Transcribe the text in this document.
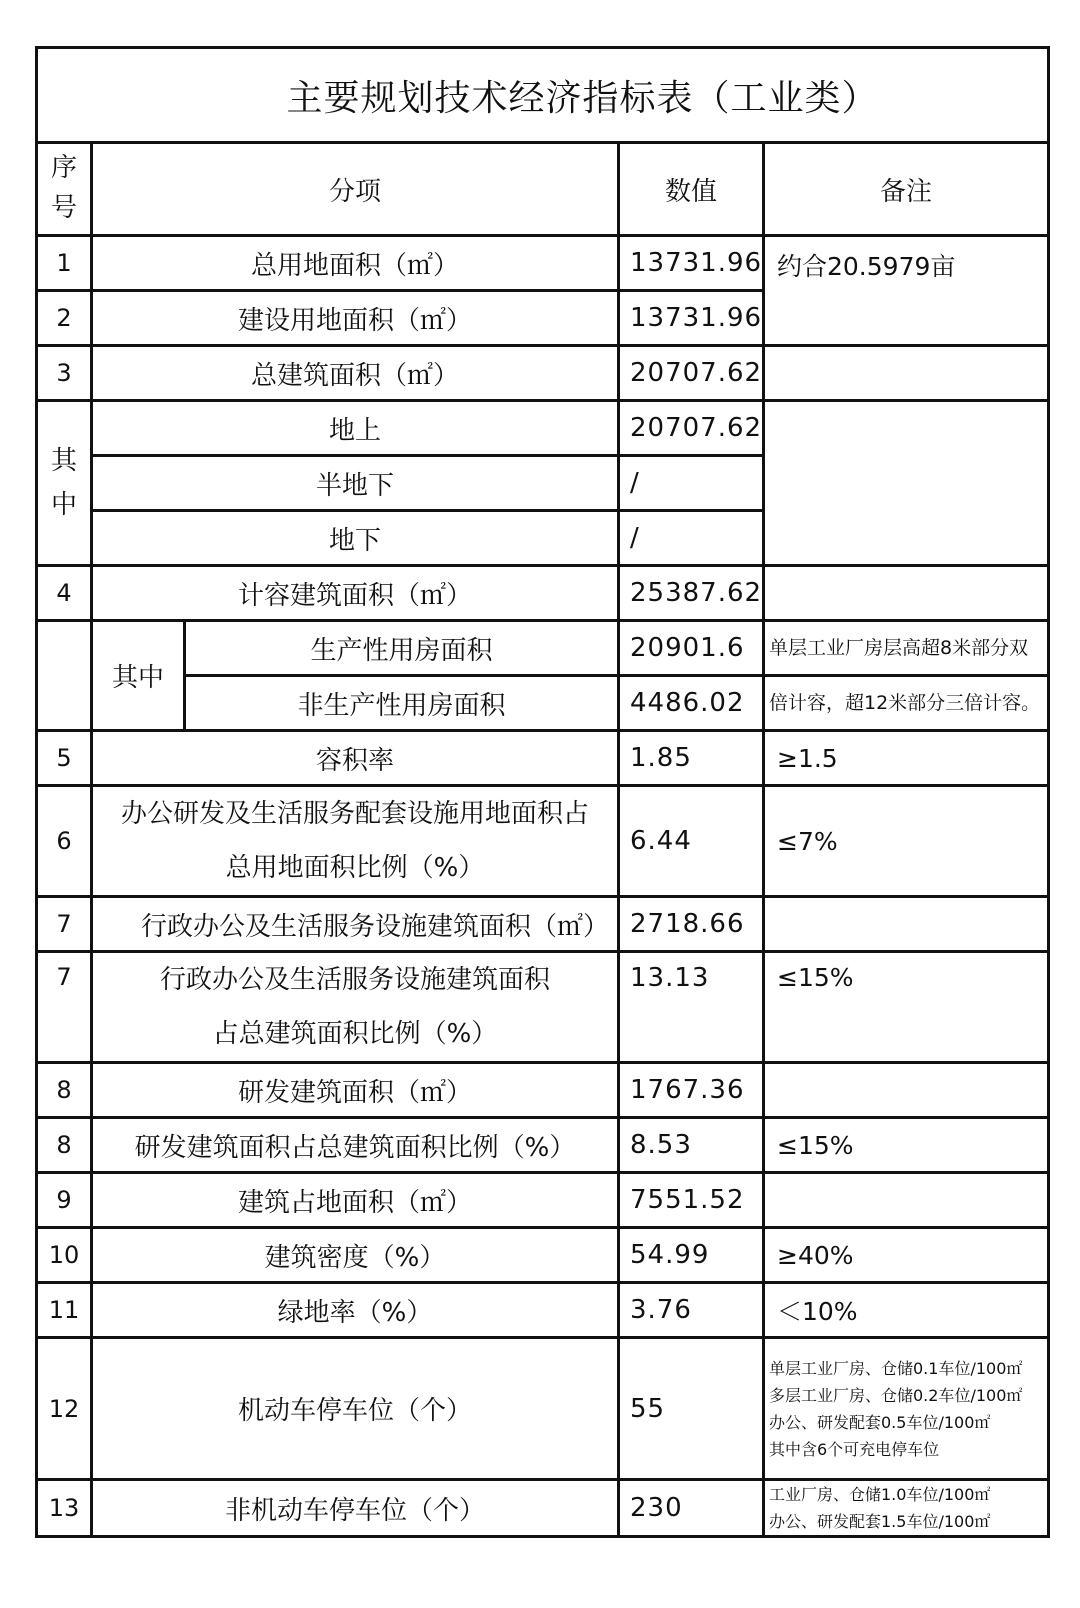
主要规划技术经济指标表（工业类）				
序号	分项		数值	备注
1	总用地面积（㎡）		13731.96	约合20.5979亩
2	建设用地面积（㎡）		13731.96	
3	总建筑面积（㎡）		20707.62	
其中	地上		20707.62	
	半地下		/	
	地下		/	
4	计容建筑面积（㎡）		25387.62	
	其中	生产性用房面积	20901.6	单层工业厂房层高超8米部分双
		非生产性用房面积	4486.02	倍计容，超12米部分三倍计容。
5	容积率		1.85	≥1.5
6	办公研发及生活服务配套设施用地面积占
总用地面积比例（%）		6.44	≤7%
7	行政办公及生活服务设施建筑面积（㎡）		2718.66	
7	行政办公及生活服务设施建筑面积
占总建筑面积比例（%）		13.13	≤15%
8	研发建筑面积（㎡）		1767.36	
8	研发建筑面积占总建筑面积比例（%）		8.53	≤15%
9	建筑占地面积（㎡）		7551.52	
10	建筑密度（%）		54.99	≥40%
11	绿地率（%）		3.76	＜10%
12	机动车停车位（个）		55	单层工业厂房、仓储0.1车位/100㎡
多层工业厂房、仓储0.2车位/100㎡
办公、研发配套0.5车位/100㎡
其中含6个可充电停车位

13	非机动车停车位（个）		230	工业厂房、仓储1.0车位/100㎡
办公、研发配套1.5车位/100㎡
